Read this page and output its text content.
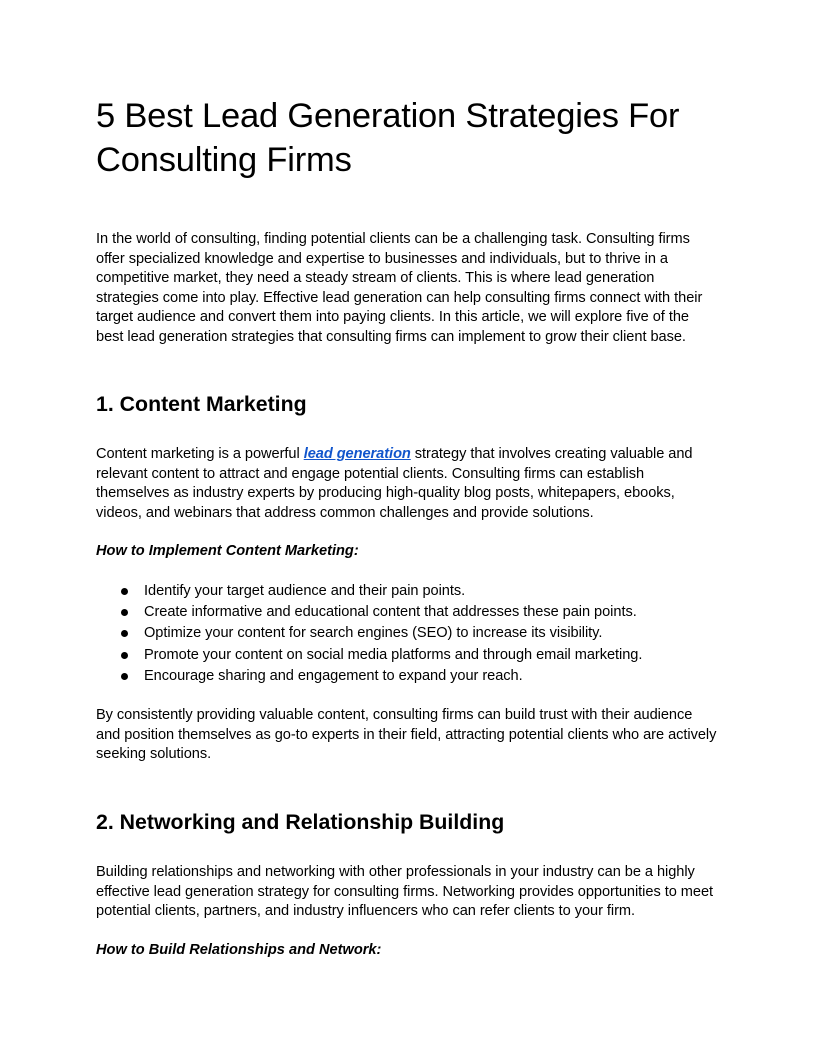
5 Best Lead Generation Strategies For Consulting Firms

In the world of consulting, finding potential clients can be a challenging task. Consulting firms offer specialized knowledge and expertise to businesses and individuals, but to thrive in a competitive market, they need a steady stream of clients. This is where lead generation strategies come into play. Effective lead generation can help consulting firms connect with their target audience and convert them into paying clients. In this article, we will explore five of the best lead generation strategies that consulting firms can implement to grow their client base.

1. Content Marketing

Content marketing is a powerful lead generation strategy that involves creating valuable and relevant content to attract and engage potential clients. Consulting firms can establish themselves as industry experts by producing high-quality blog posts, whitepapers, ebooks, videos, and webinars that address common challenges and provide solutions.

How to Implement Content Marketing:

Identify your target audience and their pain points.
Create informative and educational content that addresses these pain points.
Optimize your content for search engines (SEO) to increase its visibility.
Promote your content on social media platforms and through email marketing.
Encourage sharing and engagement to expand your reach.

By consistently providing valuable content, consulting firms can build trust with their audience and position themselves as go-to experts in their field, attracting potential clients who are actively seeking solutions.

2. Networking and Relationship Building

Building relationships and networking with other professionals in your industry can be a highly effective lead generation strategy for consulting firms. Networking provides opportunities to meet potential clients, partners, and industry influencers who can refer clients to your firm.

How to Build Relationships and Network:
